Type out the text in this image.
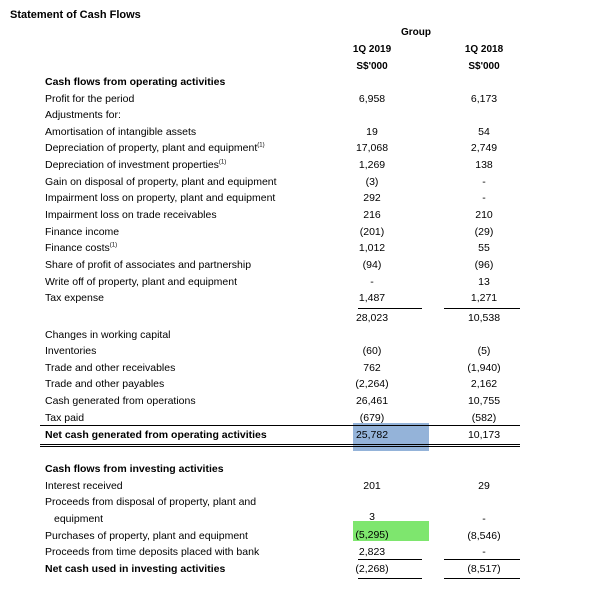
Statement of Cash Flows
Group
1Q 2019	1Q 2018
S$'000	S$'000
Cash flows from operating activities
Profit for the period
Adjustments for:
Amortisation of intangible assets
Depreciation of property, plant and equipment$^{(1)}$
Depreciation of investment properties$^{(1)}$
Gain on disposal of property, plant and equipment
Impairment loss on property, plant and equipment
Impairment loss on trade receivables
Finance income
Finance costs$^{(1)}$
Share of profit of associates and partnership
Write off of property, plant and equipment
Tax expense
Changes in working capital
Inventories
Trade and other receivables
Trade and other payables
Cash generated from operations
Tax paid
Net cash generated from operating activities
Cash flows from investing activities
Interest received
Proceeds from disposal of property, plant and
equipment
Purchases of property, plant and equipment
Proceeds from time deposits placed with bank
Net cash used in investing activities
6,958
19
17,068
1,269
(3)
292
216
(201)
1,012
(94)
-
1,487
28,023
(60)
762
(2,264)
26,461
(679)
25,782
201
3
(5,295)
2,823
(2,268)
6,173
54
2,749
138
-
-
210
(29)
55
(96)
13
1,271
10,538
(5)
(1,940)
2,162
10,755
(582)
10,173
29
-
(8,546)
-
(8,517)
